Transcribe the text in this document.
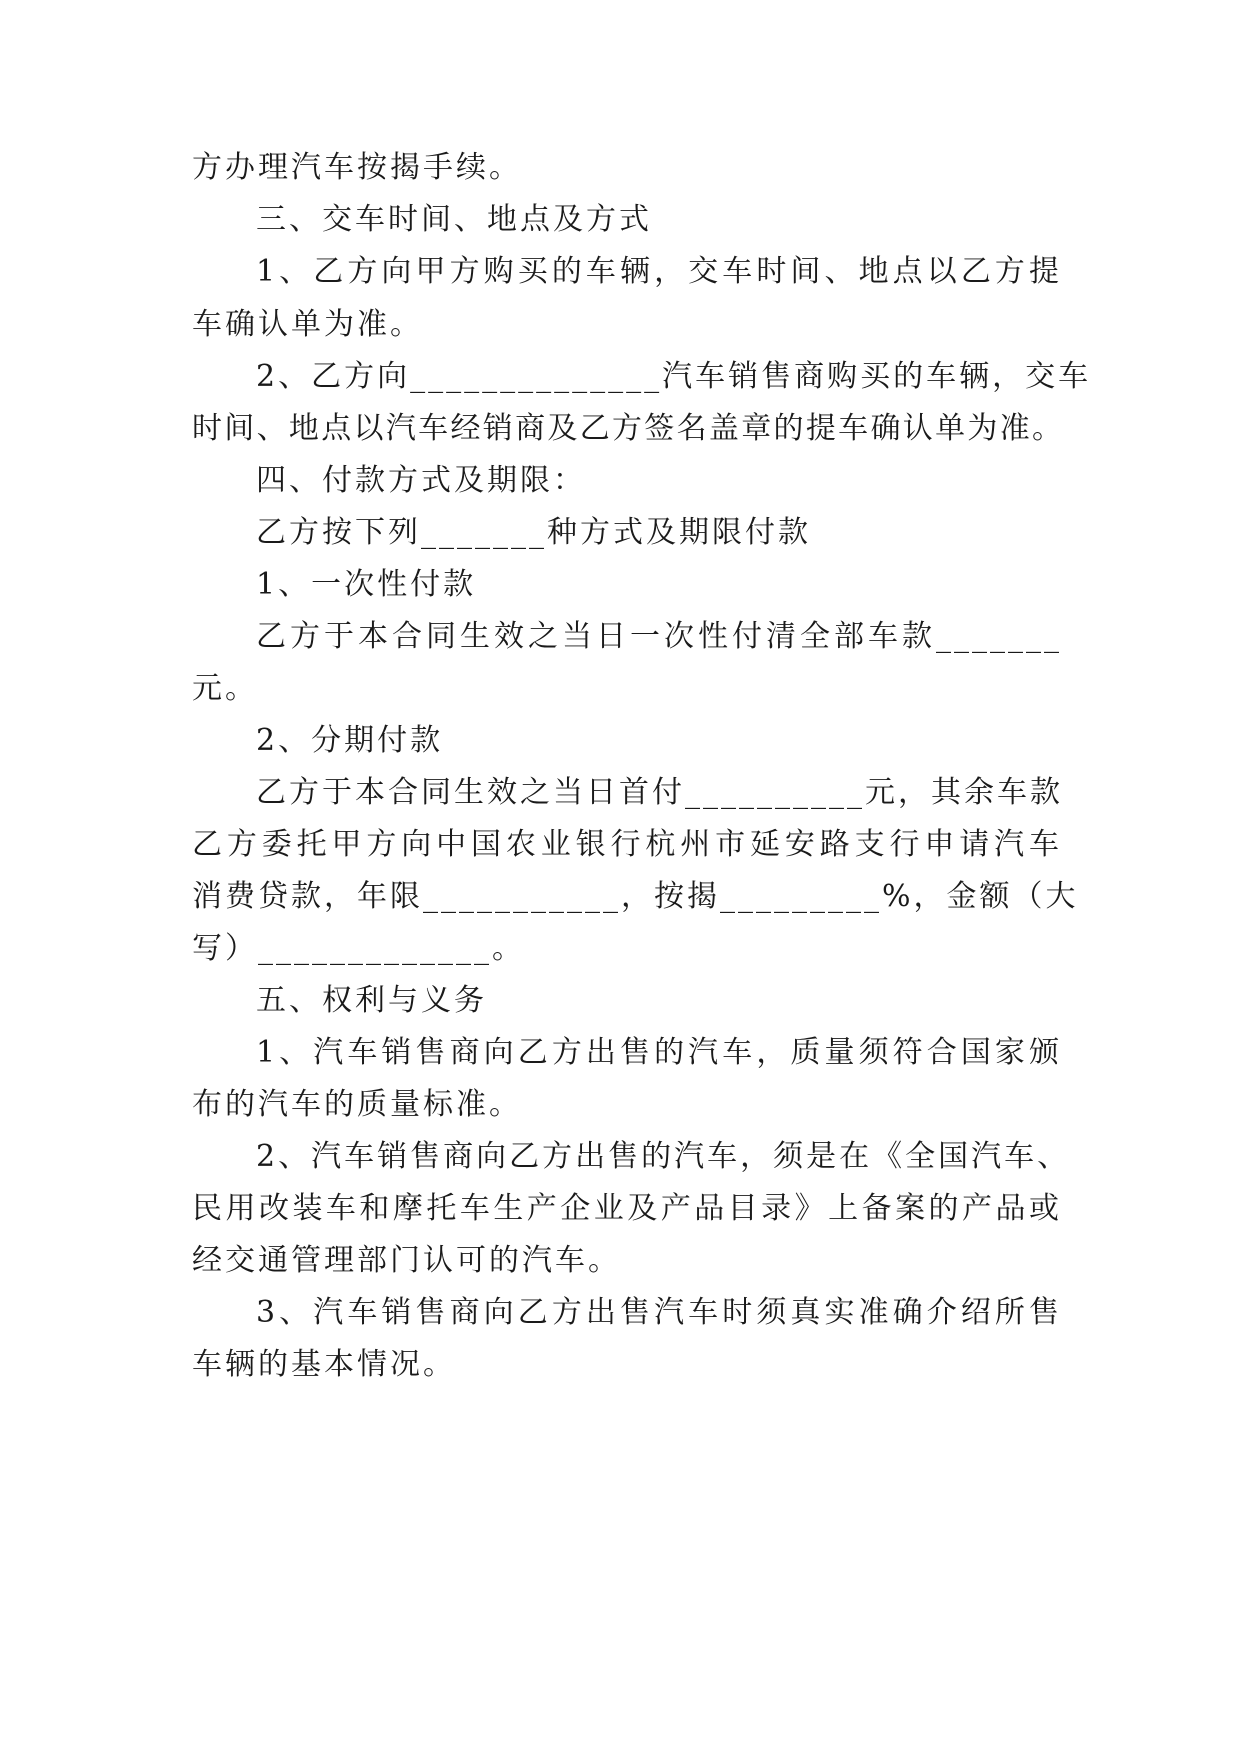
方办理汽车按揭手续。
三、交车时间、地点及方式
1、乙方向甲方购买的车辆，交车时间、地点以乙方提
车确认单为准。
2、乙方向______________汽车销售商购买的车辆，交车
时间、地点以汽车经销商及乙方签名盖章的提车确认单为准。
四、付款方式及期限：
乙方按下列_______种方式及期限付款
1、一次性付款
乙方于本合同生效之当日一次性付清全部车款_______
元。
2、分期付款
乙方于本合同生效之当日首付__________元，其余车款
乙方委托甲方向中国农业银行杭州市延安路支行申请汽车
消费贷款，年限___________，按揭_________%，金额（大
写）_____________。
五、权利与义务
1、汽车销售商向乙方出售的汽车，质量须符合国家颁
布的汽车的质量标准。
2、汽车销售商向乙方出售的汽车，须是在《全国汽车、
民用改装车和摩托车生产企业及产品目录》上备案的产品或
经交通管理部门认可的汽车。
3、汽车销售商向乙方出售汽车时须真实准确介绍所售
车辆的基本情况。
